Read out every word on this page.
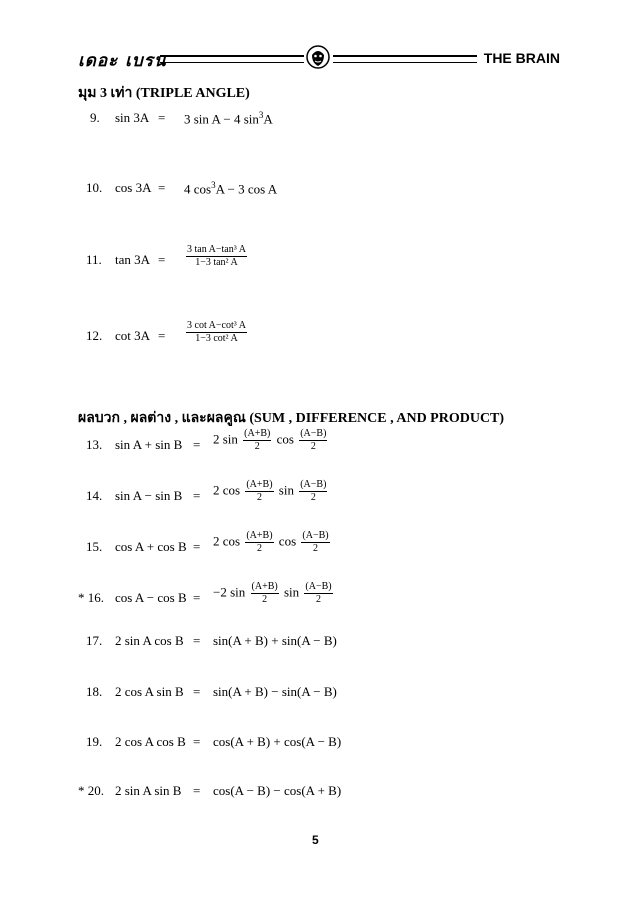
เดอะ เบรน	THE BRAIN
มุม 3 เท่า (TRIPLE ANGLE)
9. sin 3A = 3 sin A − 4 $\sin^3A$
10. cos 3A = 4 $\cos^3A - 3$ cos A
11. $\tan 3A = \frac{\text{3 tan A−tan³ A}}{\text{1−3 tan² A}}$
12. $\cot 3A = \frac{\text{3 cot A−cot³ A}}{\text{1−3 cot² A}}$
ผลบวก , ผลต่าง , และผลคูณ (SUM , DIFFERENCE , AND PRODUCT)
13. sin A + sin B = 2 $\sin \frac{(A+B)}{2}$ $\cos \frac{(A-B)}{2}$
14. sin A − sin B = 2 $\cos \frac{(A+B)}{2}$ $\sin \frac{(A-B)}{2}$
15. cos A + cos B = 2 $\cos \frac{(A+B)}{2}$ $\cos \frac{(A-B)}{2}$
* 16. cos A − cos B = −2 $\sin \frac{(A+B)}{2}$ $\sin \frac{(A-B)}{2}$
17. 2 sin A cos B = sin(A + B) + sin(A − B)
18. 2 cos A sin B = sin(A + B) − sin(A − B)
19. 2 cos A cos B = cos(A + B) + cos(A − B)
* 20. 2 sin A sin B = cos(A − B) − cos(A + B)
5
